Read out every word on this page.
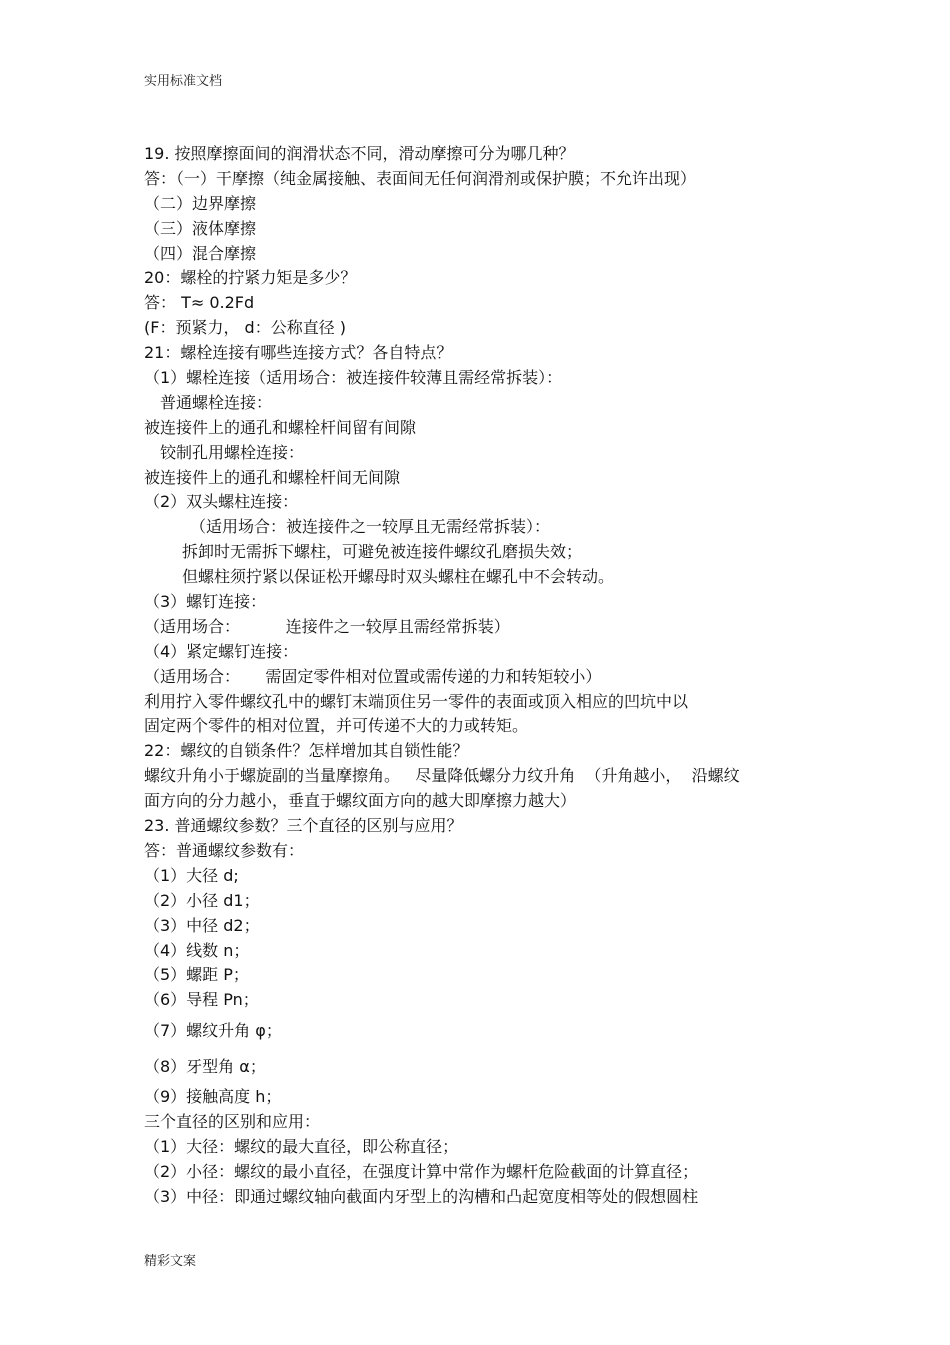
实用标准文档
19. 按照摩擦面间的润滑状态不同，滑动摩擦可分为哪几种？
答：（一）干摩擦（纯金属接触、表面间无任何润滑剂或保护膜；不允许出现）
（二）边界摩擦
（三）液体摩擦
（四）混合摩擦
20：螺栓的拧紧力矩是多少？
答： T≈ 0.2Fd
(F：预紧力， d：公称直径 )
21：螺栓连接有哪些连接方式？各自特点？
（1）螺栓连接（适用场合：被连接件较薄且需经常拆装）：
普通螺栓连接：
被连接件上的通孔和螺栓杆间留有间隙
铰制孔用螺栓连接：
被连接件上的通孔和螺栓杆间无间隙
（2）双头螺柱连接：
（适用场合：被连接件之一较厚且无需经常拆装）：
拆卸时无需拆下螺柱，可避免被连接件螺纹孔磨损失效；
但螺柱须拧紧以保证松开螺母时双头螺柱在螺孔中不会转动。
（3）螺钉连接：
（适用场合：         连接件之一较厚且需经常拆装）
（4）紧定螺钉连接：
（适用场合：     需固定零件相对位置或需传递的力和转矩较小）
利用拧入零件螺纹孔中的螺钉末端顶住另一零件的表面或顶入相应的凹坑中以
固定两个零件的相对位置，并可传递不大的力或转矩。
22：螺纹的自锁条件？怎样增加其自锁性能？
螺纹升角小于螺旋副的当量摩擦角。   尽量降低螺分力纹升角  （升角越小，  沿螺纹
面方向的分力越小，垂直于螺纹面方向的越大即摩擦力越大）
23. 普通螺纹参数？三个直径的区别与应用？
答：普通螺纹参数有：
（1）大径 d;
（2）小径 d1；
（3）中径 d2；
（4）线数 n；
（5）螺距 P；
（6）导程 Pn；
（7）螺纹升角 φ；
（8）牙型角 α；
（9）接触高度 h；
三个直径的区别和应用：
（1）大径：螺纹的最大直径，即公称直径；
（2）小径：螺纹的最小直径，在强度计算中常作为螺杆危险截面的计算直径；
（3）中径：即通过螺纹轴向截面内牙型上的沟槽和凸起宽度相等处的假想圆柱
精彩文案
